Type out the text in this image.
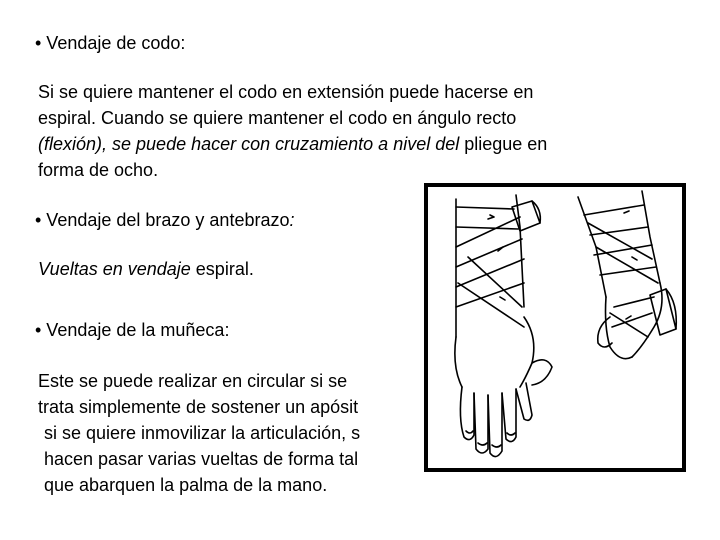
• Vendaje de codo:

Si se quiere mantener el codo en extensión puede hacerse en

espiral. Cuando se quiere mantener el codo en ángulo recto

(flexión), se puede hacer con cruzamiento a nivel del pliegue en

forma de ocho.

• Vendaje del brazo y antebrazo:

Vueltas en vendaje espiral.

• Vendaje de la muñeca:

Este se puede realizar en circular si se

trata simplemente de sostener un apósit

si se quiere inmovilizar la articulación, s

hacen pasar varias vueltas de forma tal

que abarquen la palma de la mano.
